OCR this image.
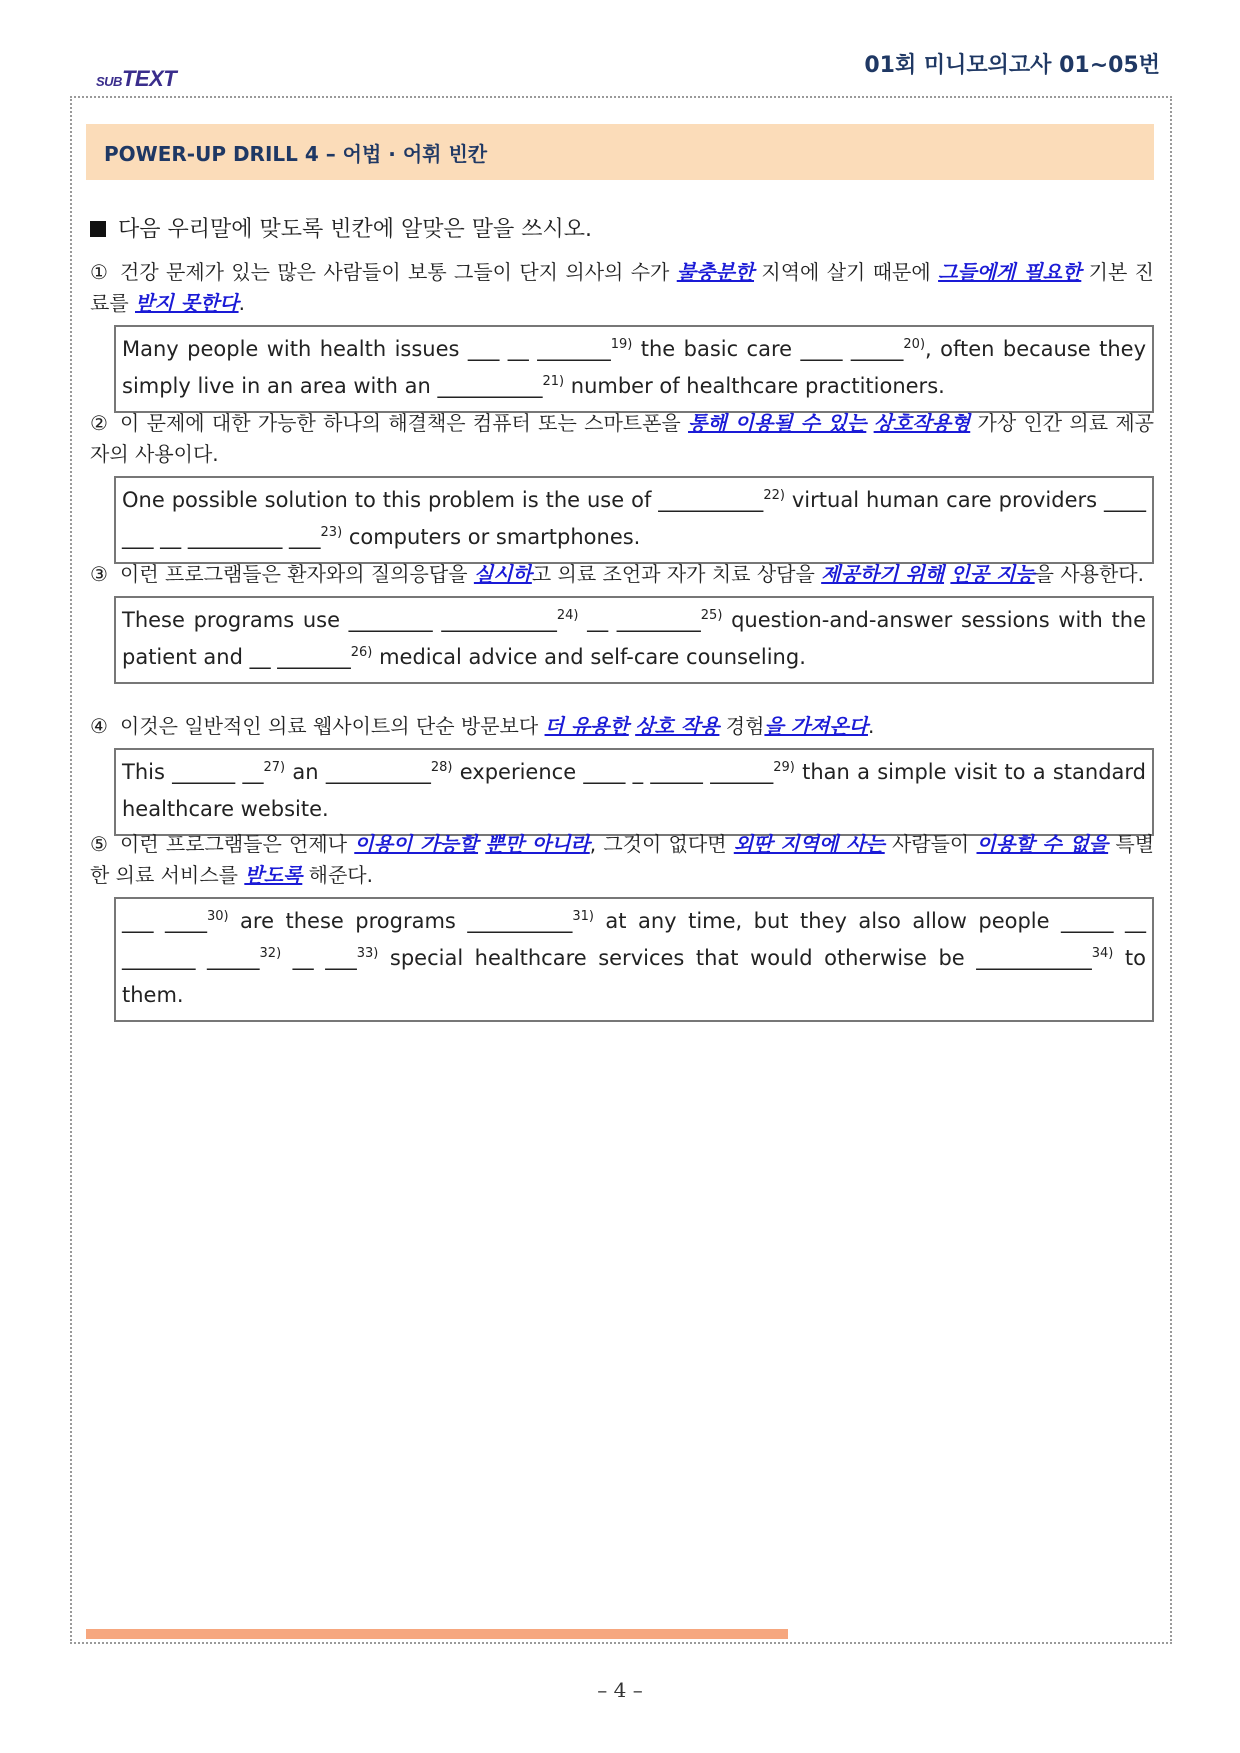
SUBTEXT
01회 미니모의고사 01~05번
POWER-UP DRILL 4 – 어법 · 어휘 빈칸
다음 우리말에 맞도록 빈칸에 알맞은 말을 쓰시오.
① 건강 문제가 있는 많은 사람들이 보통 그들이 단지 의사의 수가 불충분한 지역에 살기 때문에 그들에게 필요한 기본 진료를 받지 못한다.
Many people with health issues ___ __ _______$^{19)}$ the basic care ____ _____$^{20)}$, often because they simply live in an area with an __________$^{21)}$ number of healthcare practitioners.
② 이 문제에 대한 가능한 하나의 해결책은 컴퓨터 또는 스마트폰을 통해 이용될 수 있는 상호작용형 가상 인간 의료 제공자의 사용이다.
One possible solution to this problem is the use of __________$^{22)}$ virtual human care providers ____ ___ __ _________ ___$^{23)}$ computers or smartphones.
③ 이런 프로그램들은 환자와의 질의응답을 실시하고 의료 조언과 자가 치료 상담을 제공하기 위해 인공 지능을 사용한다.
These programs use ________ ___________$^{24)}$ __ ________$^{25)}$ question-and-answer sessions with the patient and __ _______$^{26)}$ medical advice and self-care counseling.
④ 이것은 일반적인 의료 웹사이트의 단순 방문보다 더 유용한 상호 작용 경험을 가져온다.
This ______ __$^{27)}$ an __________$^{28)}$ experience ____ _ _____ ______$^{29)}$ than a simple visit to a standard healthcare website.
⑤ 이런 프로그램들은 언제나 이용이 가능할 뿐만 아니라, 그것이 없다면 외딴 지역에 사는 사람들이 이용할 수 없을 특별한 의료 서비스를 받도록 해준다.
___ ____$^{30)}$ are these programs __________$^{31)}$ at any time, but they also allow people _____ __ _______ _____$^{32)}$ __ ___$^{33)}$ special healthcare services that would otherwise be ___________$^{34)}$ to them.
– 4 –
